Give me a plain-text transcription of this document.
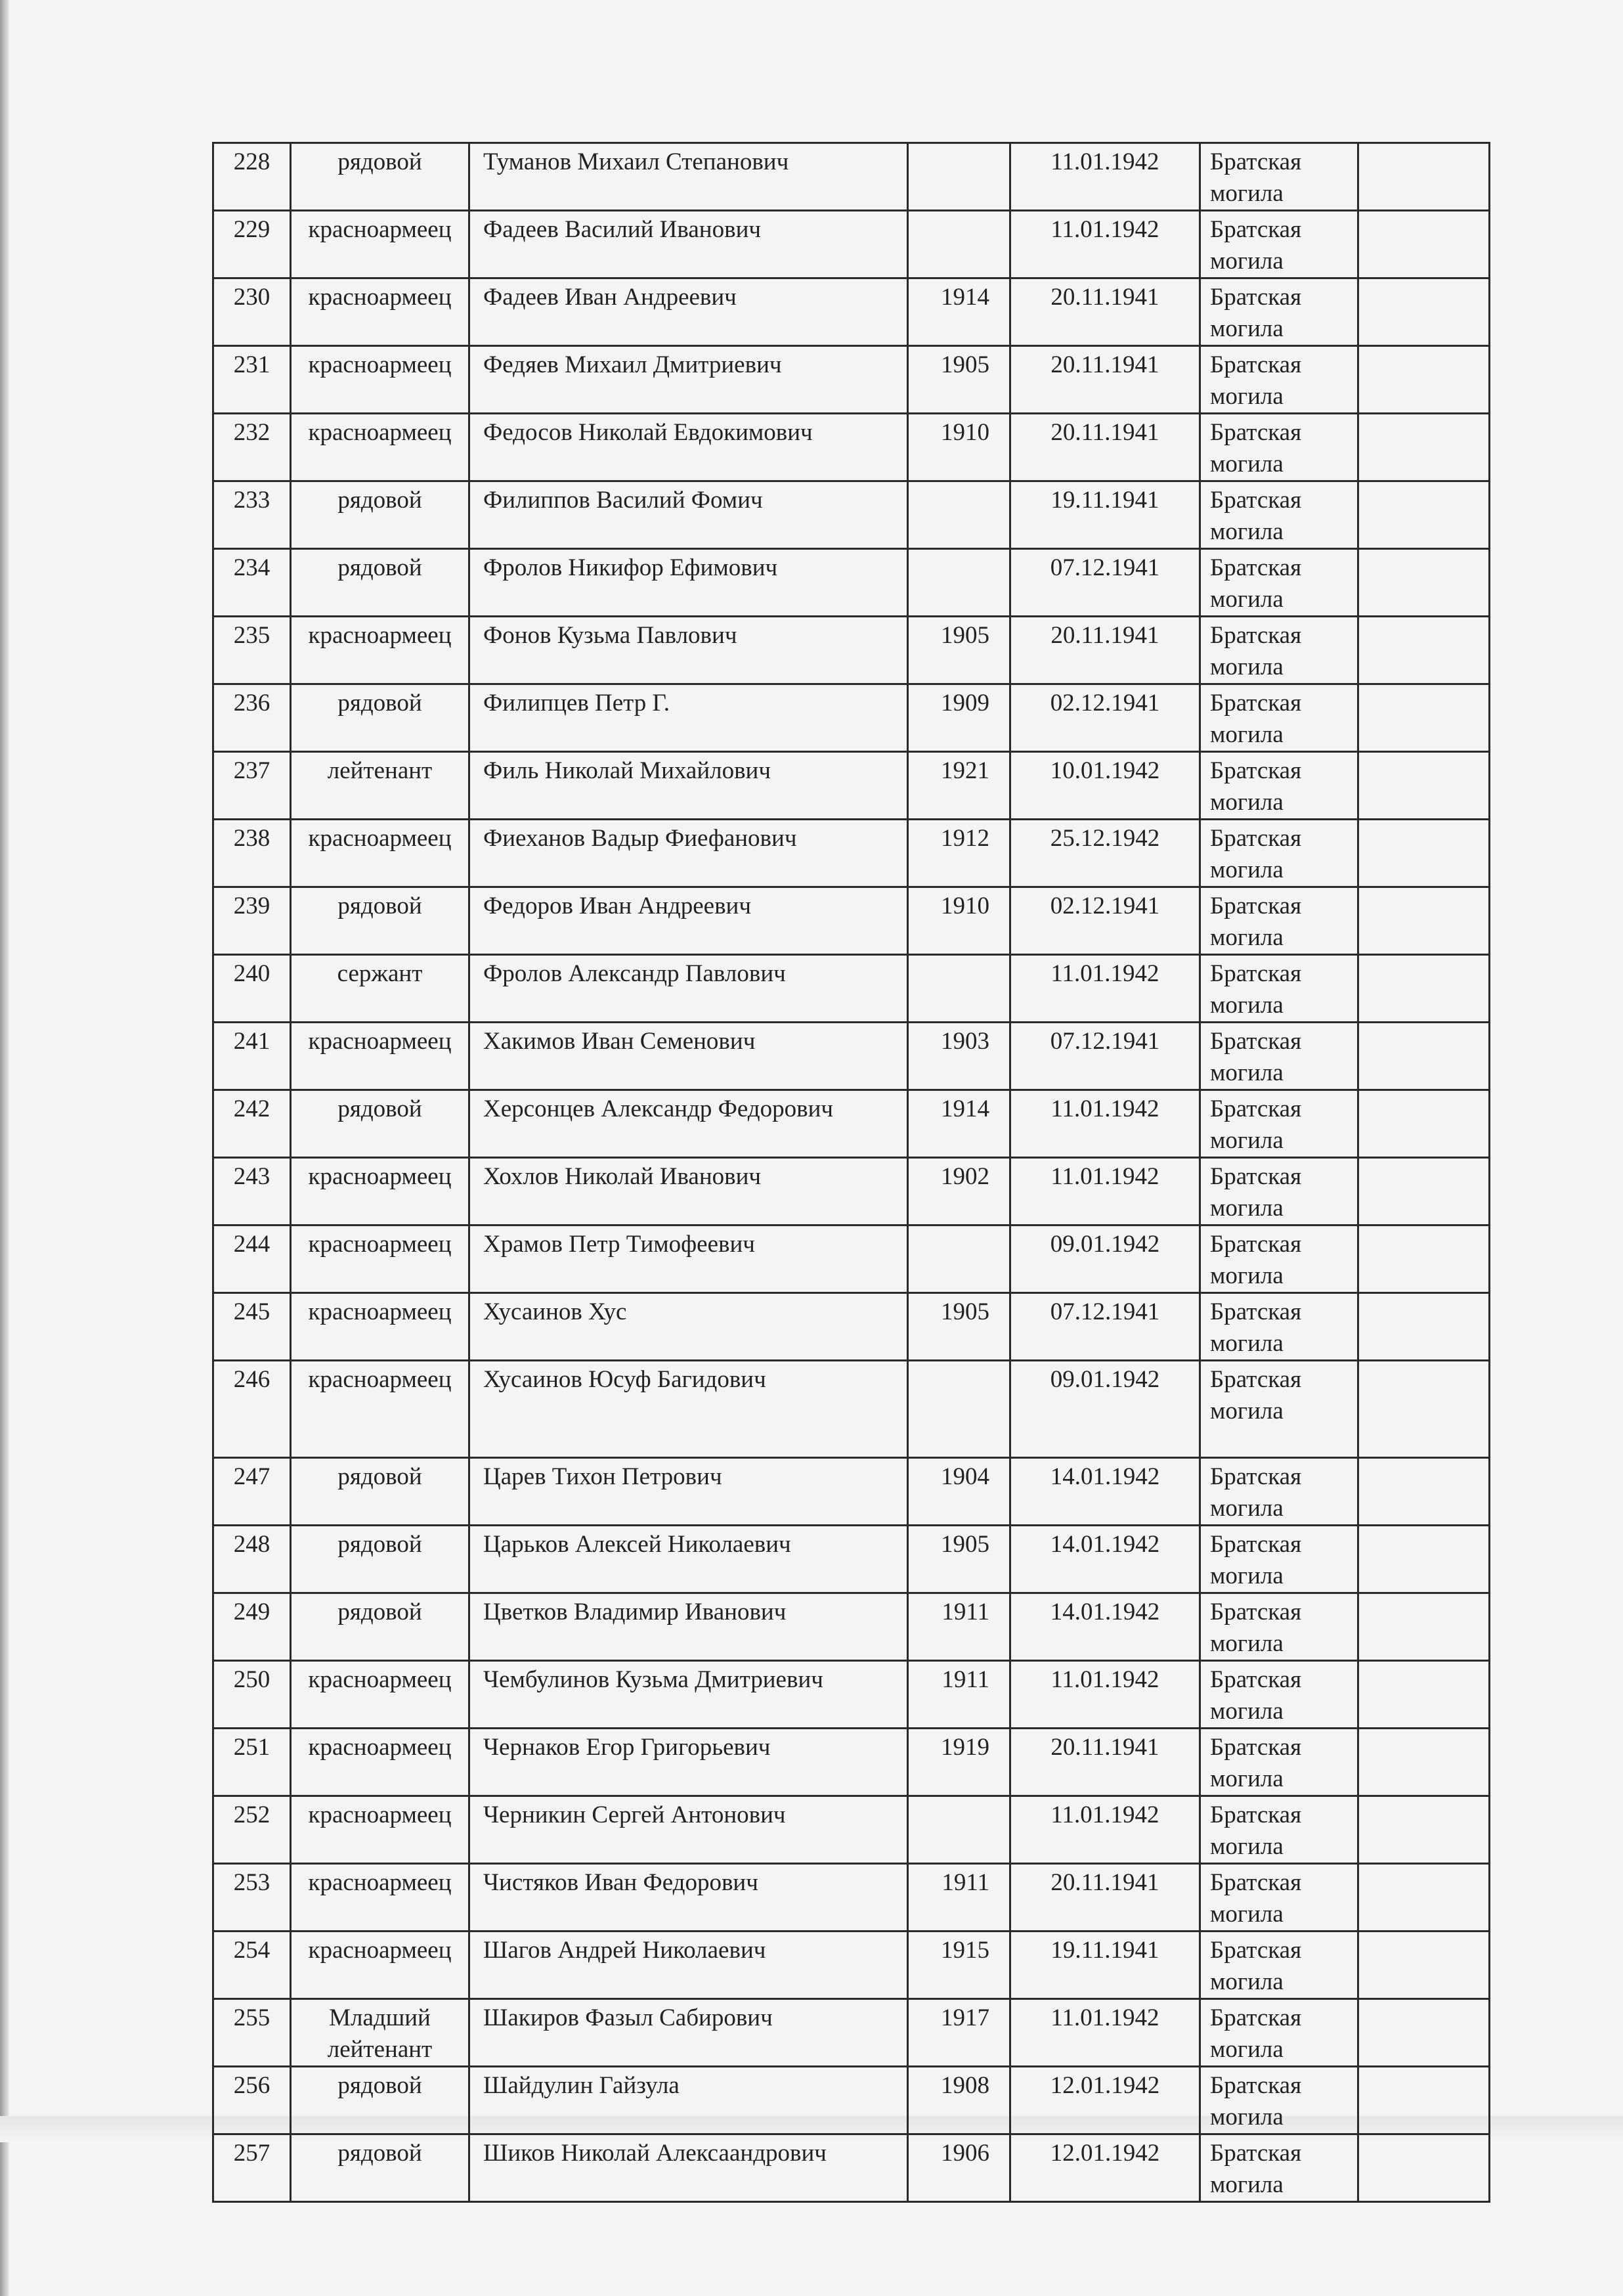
228	рядовой	Туманов Михаил Степанович		11.01.1942	Братская могила	
229	красноармеец	Фадеев Василий Иванович		11.01.1942	Братская могила	
230	красноармеец	Фадеев Иван Андреевич	1914	20.11.1941	Братская могила	
231	красноармеец	Федяев Михаил Дмитриевич	1905	20.11.1941	Братская могила	
232	красноармеец	Федосов Николай Евдокимович	1910	20.11.1941	Братская могила	
233	рядовой	Филиппов Василий Фомич		19.11.1941	Братская могила	
234	рядовой	Фролов Никифор Ефимович		07.12.1941	Братская могила	
235	красноармеец	Фонов Кузьма Павлович	1905	20.11.1941	Братская могила	
236	рядовой	Филипцев Петр Г.	1909	02.12.1941	Братская могила	
237	лейтенант	Филь Николай Михайлович	1921	10.01.1942	Братская могила	
238	красноармеец	Фиеханов Вадыр Фиефанович	1912	25.12.1942	Братская могила	
239	рядовой	Федоров Иван Андреевич	1910	02.12.1941	Братская могила	
240	сержант	Фролов Александр Павлович		11.01.1942	Братская могила	
241	красноармеец	Хакимов Иван Семенович	1903	07.12.1941	Братская могила	
242	рядовой	Херсонцев Александр Федорович	1914	11.01.1942	Братская могила	
243	красноармеец	Хохлов Николай Иванович	1902	11.01.1942	Братская могила	
244	красноармеец	Храмов Петр Тимофеевич		09.01.1942	Братская могила	
245	красноармеец	Хусаинов Хус	1905	07.12.1941	Братская могила	
246	красноармеец	Хусаинов Юсуф Багидович		09.01.1942	Братская могила	
247	рядовой	Царев Тихон Петрович	1904	14.01.1942	Братская могила	
248	рядовой	Царьков Алексей Николаевич	1905	14.01.1942	Братская могила	
249	рядовой	Цветков Владимир Иванович	1911	14.01.1942	Братская могила	
250	красноармеец	Чембулинов Кузьма Дмитриевич	1911	11.01.1942	Братская могила	
251	красноармеец	Чернаков Егор Григорьевич	1919	20.11.1941	Братская могила	
252	красноармеец	Черникин Сергей Антонович		11.01.1942	Братская могила	
253	красноармеец	Чистяков Иван Федорович	1911	20.11.1941	Братская могила	
254	красноармеец	Шагов Андрей Николаевич	1915	19.11.1941	Братская могила	
255	Младший лейтенант	Шакиров Фазыл Сабирович	1917	11.01.1942	Братская могила	
256	рядовой	Шайдулин Гайзула	1908	12.01.1942	Братская могила	
257	рядовой	Шиков Николай Алексаандрович	1906	12.01.1942	Братская могила	
